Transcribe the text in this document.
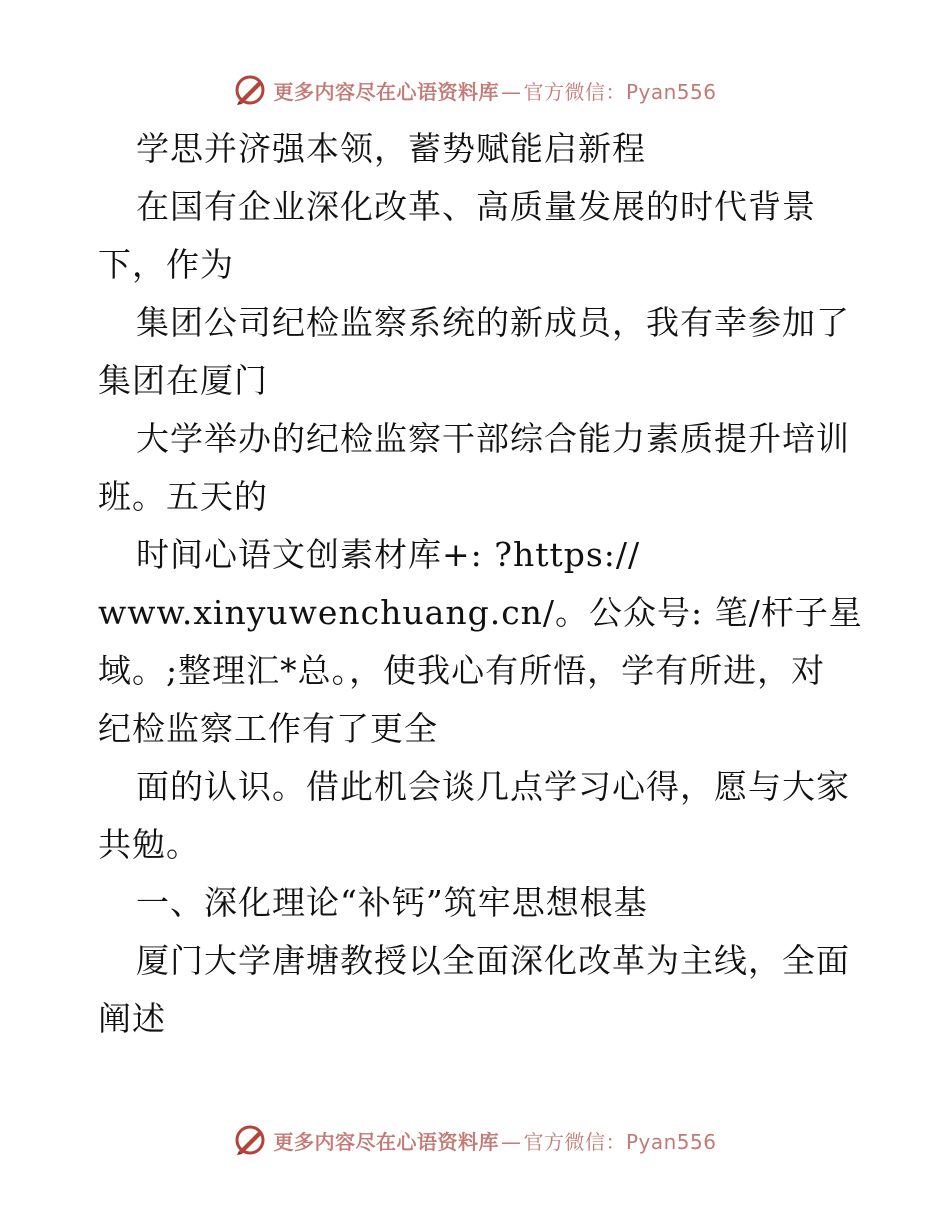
更多内容尽在心语资料库 — 官方微信：Pyan556
学思并济强本领，蓄势赋能启新程
在国有企业深化改革、高质量发展的时代背景
下，作为
集团公司纪检监察系统的新成员，我有幸参加了
集团在厦门
大学举办的纪检监察干部综合能力素质提升培训
班。五天的
时间心语文创素材库+: ?https://
www.xinyuwenchuang.cn/。公众号: 笔/杆子星
域。;整理汇*总。，使我心有所悟，学有所进，对
纪检监察工作有了更全
面的认识。借此机会谈几点学习心得，愿与大家
共勉。
一、深化理论“补钙”筑牢思想根基
厦门大学唐塘教授以全面深化改革为主线，全面
阐述
更多内容尽在心语资料库 — 官方微信：Pyan556
